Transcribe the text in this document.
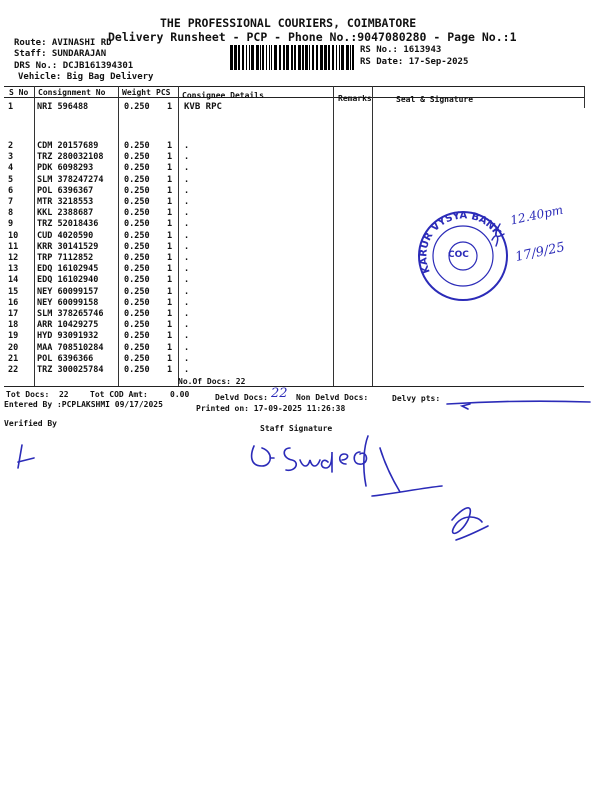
THE PROFESSIONAL COURIERS, COIMBATORE
Delivery Runsheet - PCP - Phone No.:9047080280 - Page No.:1
Route: AVINASHI RD
Staff: SUNDARAJAN
DRS No.: DCJB161394301
Vehicle: Big Bag Delivery
RS No.: 1613943
RS Date: 17-Sep-2025
S No Consignment No Weight PCS Consignee Details	Remarks	Seal & Signature
1	NRI 596488	0.250 1 KVB RPC
2	CDM 20157689	0.250 1 .
3	TRZ 280032108 0.250 1 .
4	PDK 6098293	0.250 1 .
5	SLM 378247274 0.250 1 .
6	POL 6396367	0.250 1 .
7	MTR 3218553	0.250 1 .
8	KKL 2388687	0.250 1 .
9	TRZ 52018436	0.250 1 .
10 CUD 4020590	0.250 1 .
11 KRR 30141529	0.250 1 .
12 TRP 7112852	0.250 1 .
13 EDQ 16102945	0.250 1 .
14 EDQ 16102940	0.250 1 .
15 NEY 60099157	0.250 1 .
16 NEY 60099158	0.250 1 .
17 SLM 378265746 0.250 1 .
18 ARR 10429275	0.250 1 .
19 HYD 93091932	0.250 1 .
20 MAA 708510284 0.250 1 .
21 POL 6396366	0.250 1 .
22 TRZ 300025784 0.250 1 .
No.Of Docs: 22
Tot Docs:  22	Tot COD Amt:	0.00	Delvd Docs: 22 Non Delvd Docs:	Delvy pts:
Entered By :PCPLAKSHMI 09/17/2025	Printed on: 17-09-2025 11:26:38
Verified By
Staff Signature
KARUR VYSYA BANK
COC
12.40pm
17/9/25
